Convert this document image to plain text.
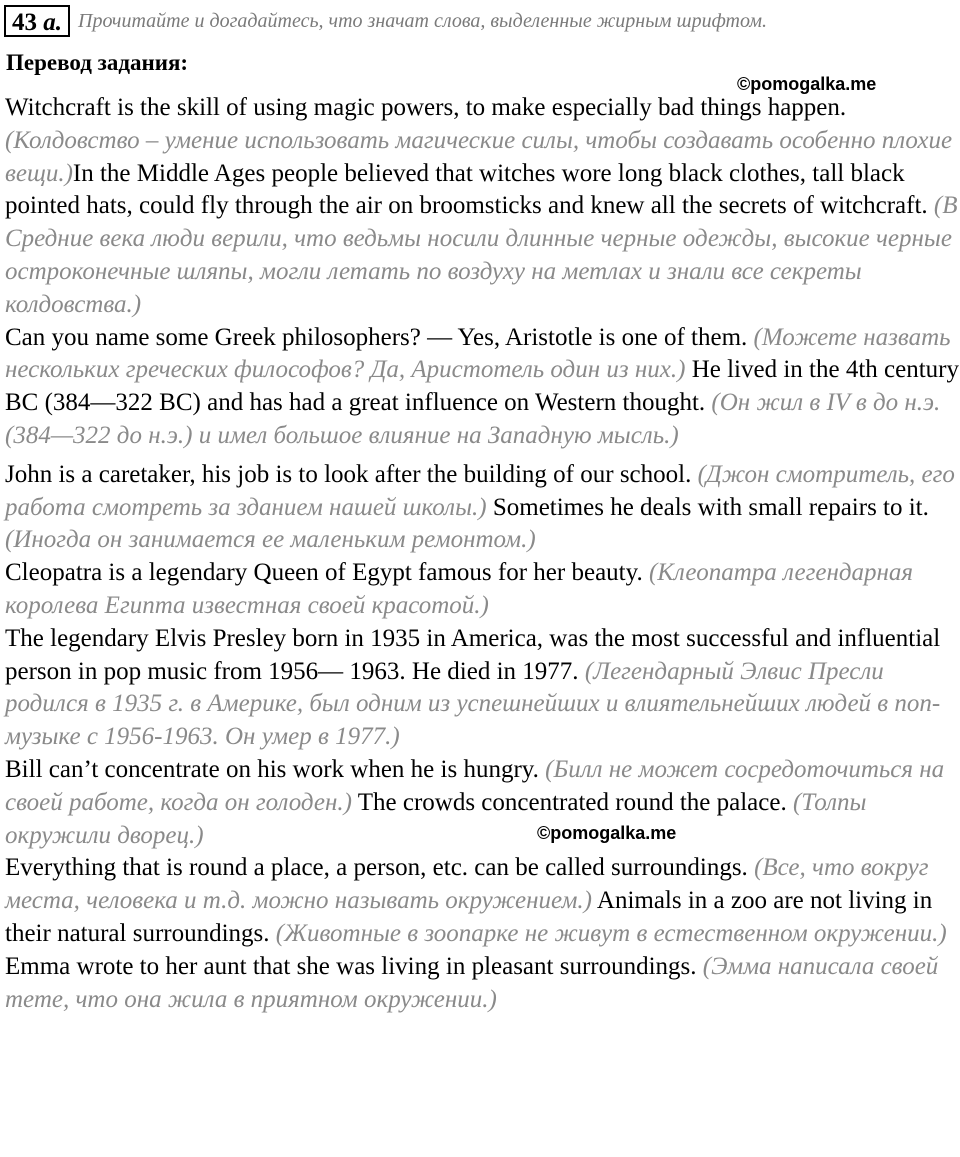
43 a. Прочитайте и догадайтесь, что значат слова, выделенные жирным шрифтом.
Перевод задания:
©pomogalka.me
©pomogalka.me

Witchcraft is the skill of using magic powers, to make especially bad things happen. (Колдовство – умение использовать магические силы, чтобы создавать особенно плохие вещи.)In the Middle Ages people believed that witches wore long black clothes, tall black pointed hats, could fly through the air on broomsticks and knew all the secrets of witchcraft. (В Средние века люди верили, что ведьмы носили длинные черные одежды, высокие черные остроконечные шляпы, могли летать по воздуху на метлах и знали все секреты колдовства.)

Can you name some Greek philosophers? — Yes, Aristotle is one of them. (Можете назвать нескольких греческих философов? Да, Аристотель один из них.) He lived in the 4th century BC (384—322 BC) and has had a great influence on Western thought. (Он жил в IV в до н.э. (384—322 до н.э.) и имел большое влияние на Западную мысль.)

John is a caretaker, his job is to look after the building of our school. (Джон смотритель, его работа смотреть за зданием нашей школы.) Sometimes he deals with small repairs to it. (Иногда он занимается ее маленьким ремонтом.)

Cleopatra is a legendary Queen of Egypt famous for her beauty. (Клеопатра легендарная королева Египта известная своей красотой.)

The legendary Elvis Presley born in 1935 in America, was the most successful and influential person in pop music from 1956— 1963. He died in 1977. (Легендарный Элвис Пресли родился в 1935 г. в Америке, был одним из успешнейших и влиятельнейших людей в поп-музыке с 1956-1963. Он умер в 1977.)

Bill can’t concentrate on his work when he is hungry. (Билл не может сосредоточиться на своей работе, когда он голоден.) The crowds concentrated round the palace. (Толпы окружили дворец.)

Everything that is round a place, a person, etc. can be called surroundings. (Все, что вокруг места, человека и т.д. можно называть окружением.) Animals in a zoo are not living in their natural surroundings. (Животные в зоопарке не живут в естественном окружении.) Emma wrote to her aunt that she was living in pleasant surroundings. (Эмма написала своей тете, что она жила в приятном окружении.)
